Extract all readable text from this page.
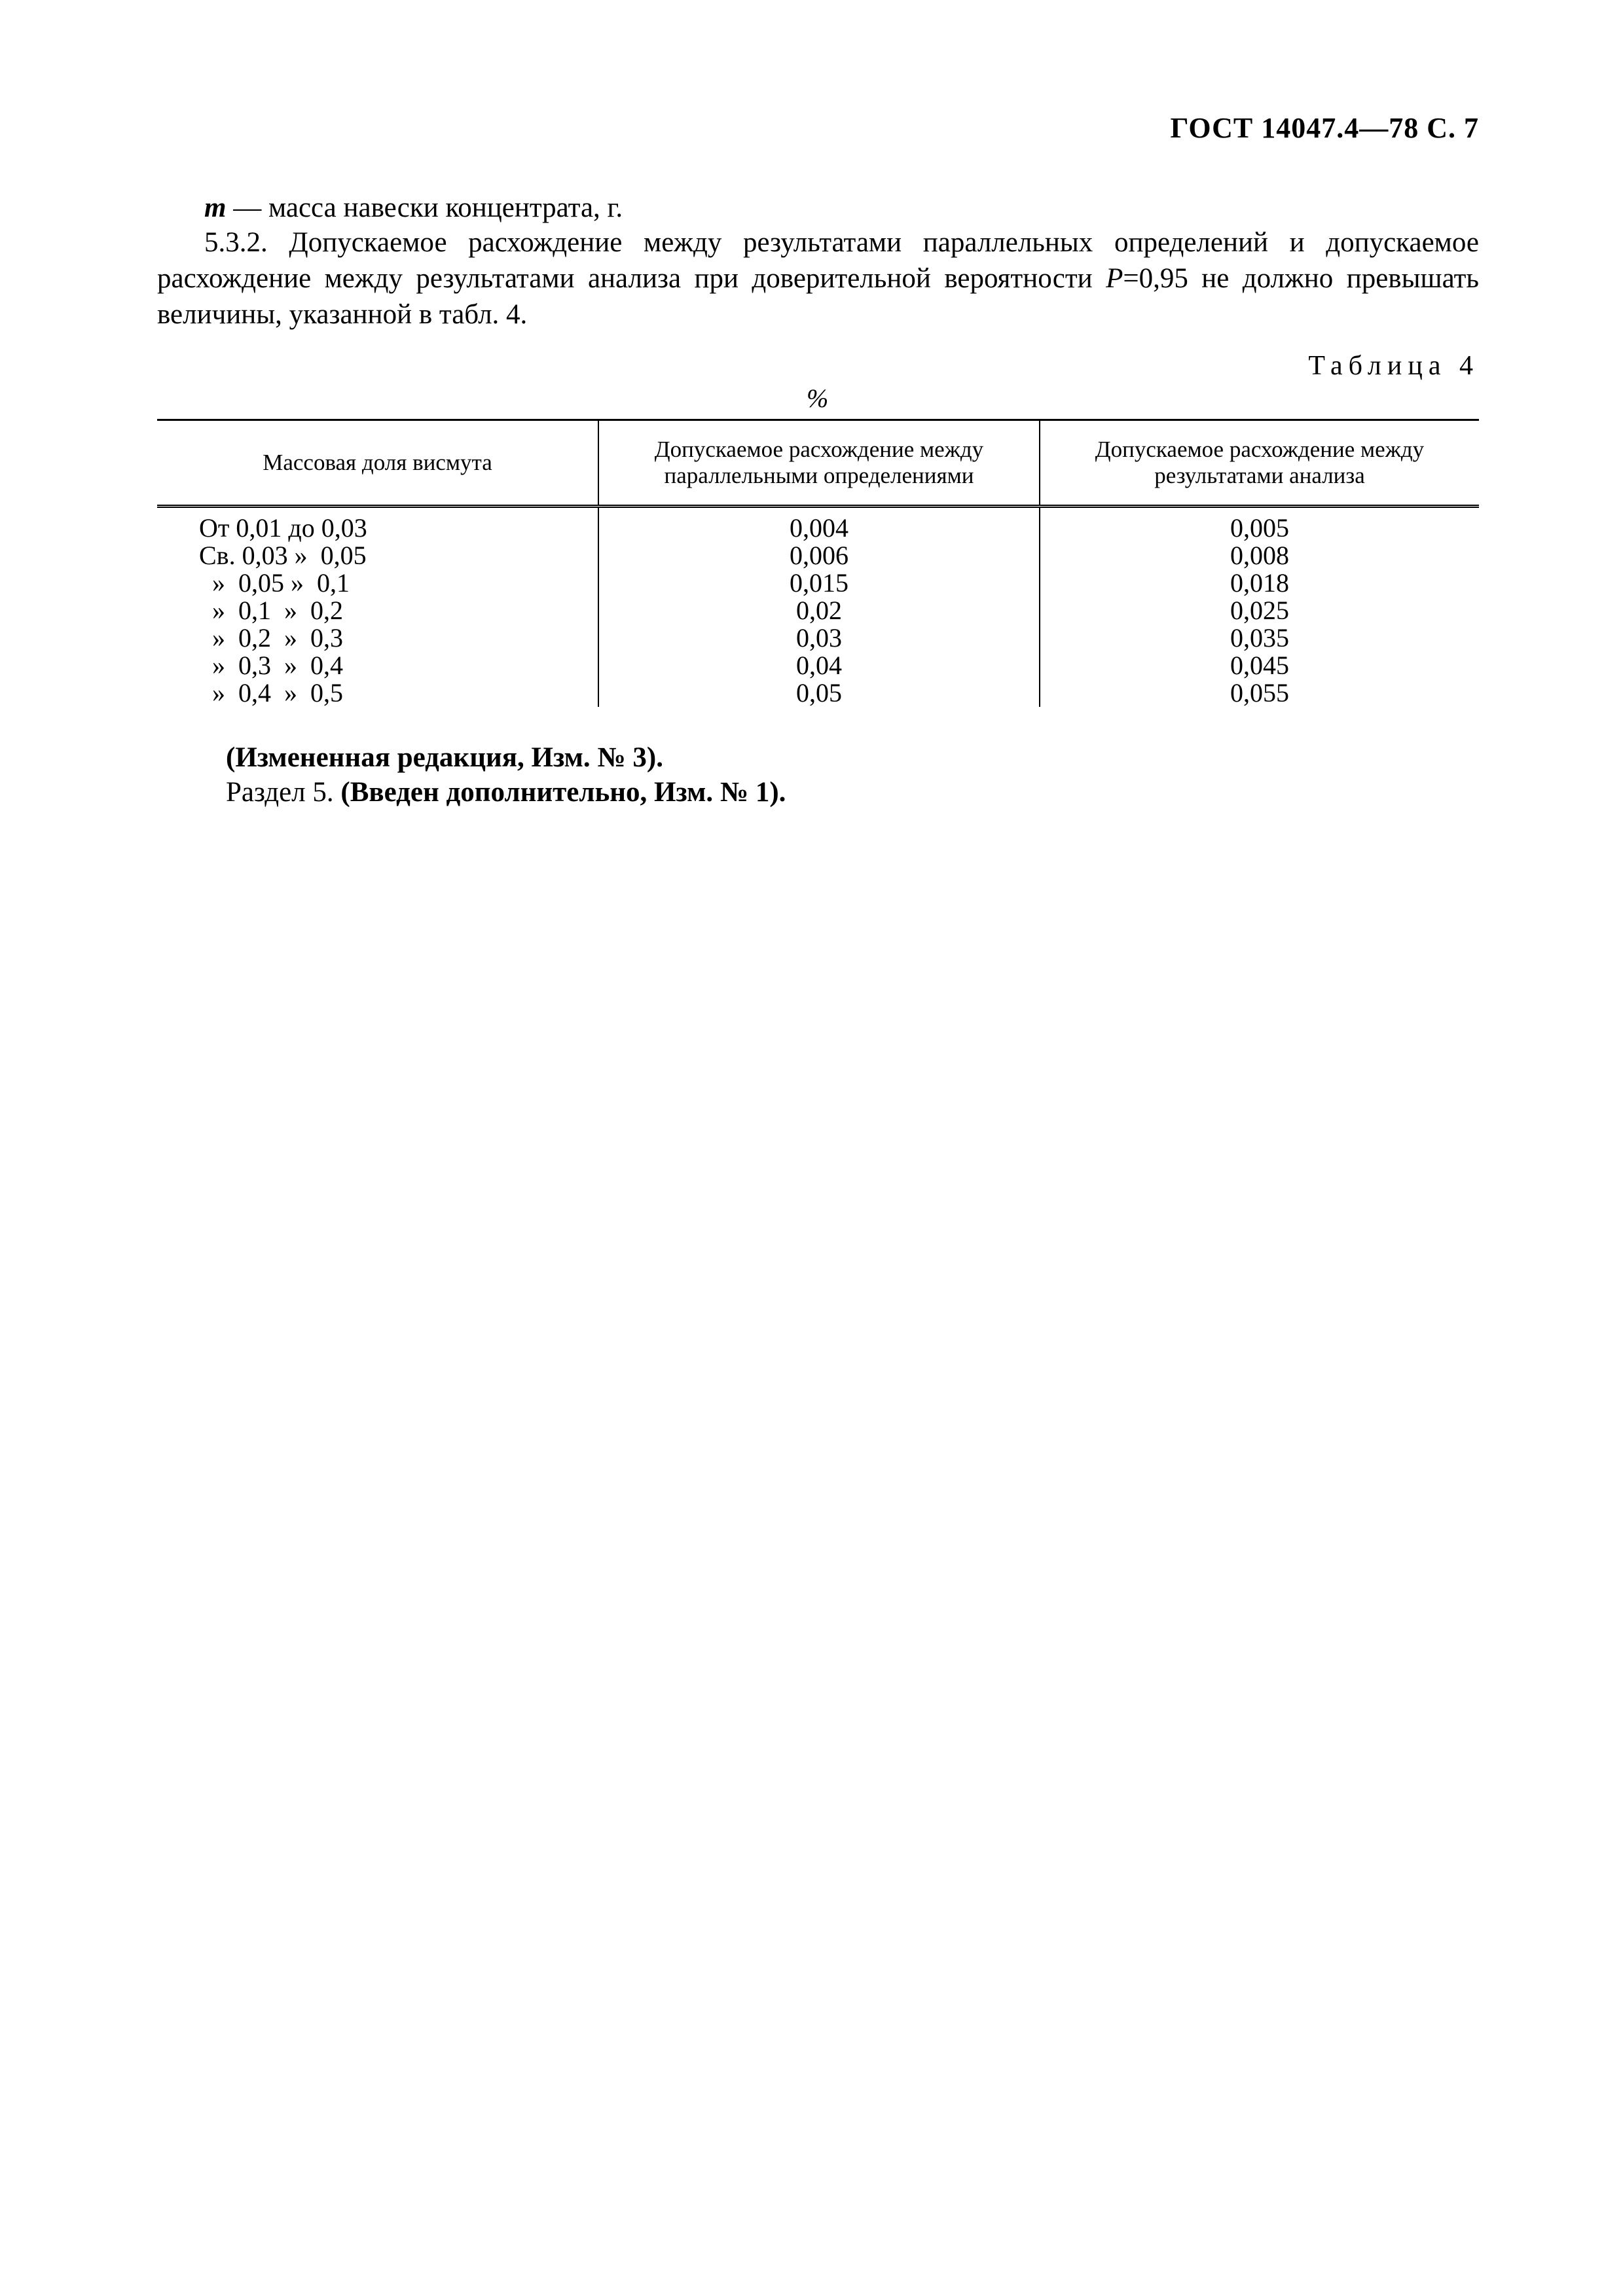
ГОСТ 14047.4—78 С. 7
m — масса навески концентрата, г.
5.3.2. Допускаемое расхождение между результатами параллельных определений и допускаемое расхождение между результатами анализа при доверительной вероятности P=0,95 не должно превышать величины, указанной в табл. 4.
Таблица 4
%
Массовая доля висмута	Допускаемое расхождение между параллельными определениями	Допускаемое расхождение между результатами анализа
От 0,01 до 0,03	0,004	0,005
Св. 0,03 »  0,05	0,006	0,008
»  0,05 »  0,1	0,015	0,018
»  0,1  »  0,2	0,02	0,025
»  0,2  »  0,3	0,03	0,035
»  0,3  »  0,4	0,04	0,045
»  0,4  »  0,5	0,05	0,055
(Измененная редакция, Изм. № 3).
Раздел 5. (Введен дополнительно, Изм. № 1).
